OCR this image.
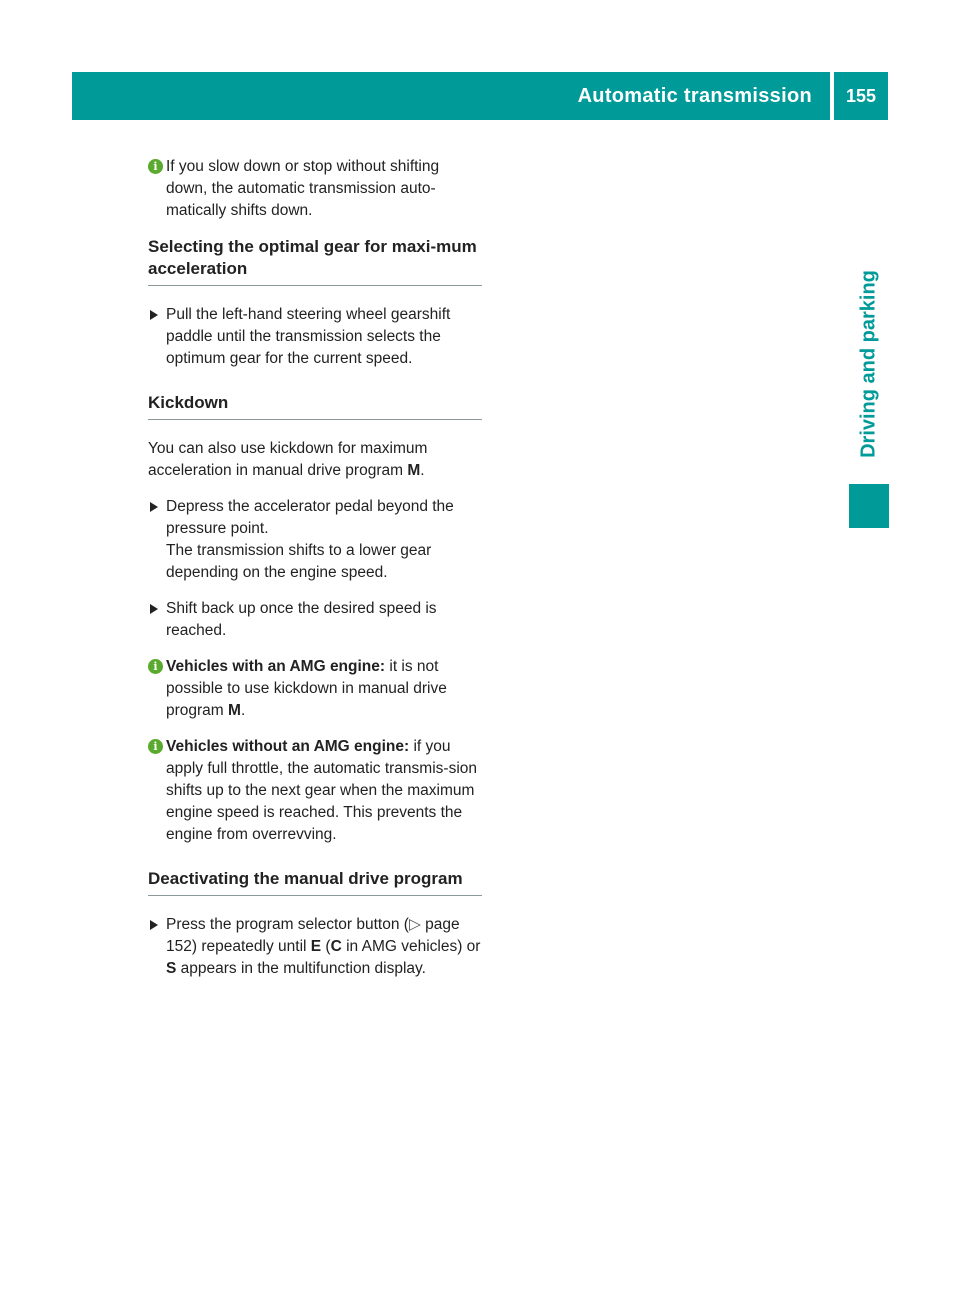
Automatic transmission	155
Driving and parking
i If you slow down or stop without shifting down, the automatic transmission auto-matically shifts down.
Selecting the optimal gear for maxi-mum acceleration
Pull the left-hand steering wheel gearshift paddle until the transmission selects the optimum gear for the current speed.
Kickdown
You can also use kickdown for maximum acceleration in manual drive program M.
Depress the accelerator pedal beyond the pressure point.
The transmission shifts to a lower gear depending on the engine speed.
Shift back up once the desired speed is reached.
i Vehicles with an AMG engine: it is not possible to use kickdown in manual drive program M.
i Vehicles without an AMG engine: if you apply full throttle, the automatic transmis-sion shifts up to the next gear when the maximum engine speed is reached. This prevents the engine from overrevving.
Deactivating the manual drive program
Press the program selector button (▷ page 152) repeatedly until E (C in AMG vehicles) or S appears in the multifunction display.
